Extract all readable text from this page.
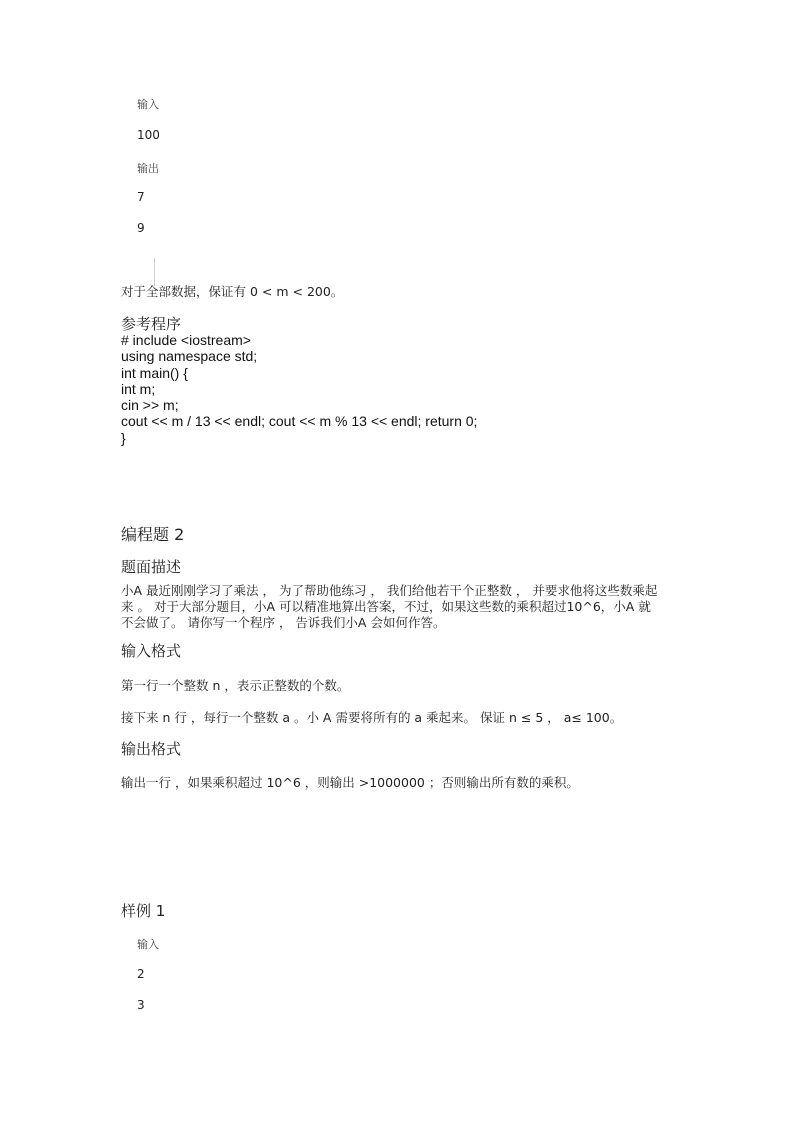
输入
100
输出
7
9
对于全部数据，保证有 0 < m < 200。
参考程序
# include <iostream>
using namespace std;
int main() {
int m;
cin >> m;
cout << m / 13 << endl; cout << m % 13 << endl; return 0;
}
编程题 2
题面描述
小A 最近刚刚学习了乘法 ， 为了帮助他练习 ， 我们给他若干个正整数 ， 并要求他将这些数乘起
来 。 对于大部分题目，小A 可以精准地算出答案，不过，如果这些数的乘积超过10^6，小A 就
不会做了。 请你写一个程序 ， 告诉我们小A 会如何作答。
输入格式
第一行一个整数 n ，表示正整数的个数。
接下来 n 行 ，每行一个整数 a 。小 A 需要将所有的 a 乘起来。 保证 n ≤ 5 ， a≤ 100。
输出格式
输出一行 ，如果乘积超过 10^6 ，则输出 >1000000 ；否则输出所有数的乘积。
样例 1
输入
2
3
